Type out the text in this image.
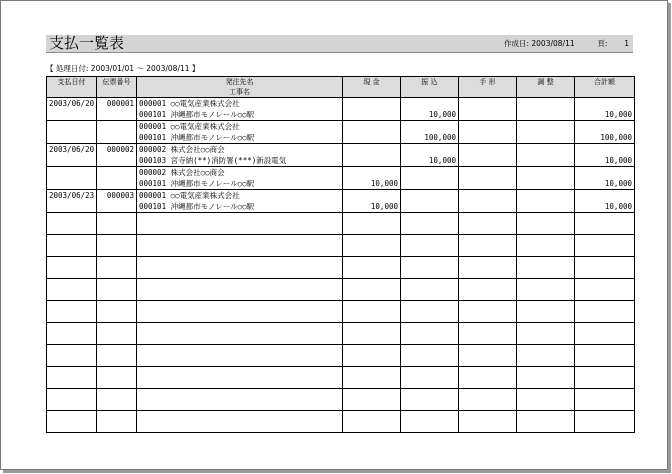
支払一覧表	作成日: 2003/08/11	頁: 1
【 処理日付: 2003/01/01 ～ 2003/08/11 】
支払日付	伝票番号	発注先名
工事名	現 金	振 込	手 形	調 整	合計額

2003/06/20	000001	000001 ○○電気産業株式会社
000101 沖縄都市モノレール○○駅		10,000			10,000

		000001 ○○電気産業株式会社
000101 沖縄都市モノレール○○駅		100,000			100,000

2003/06/20	000002	000002 株式会社○○商会
000103 宮寺納(**)消防署(***)新設電気		10,000			10,000

		000002 株式会社○○商会
000101 沖縄都市モノレール○○駅	10,000				10,000

2003/06/23	000003	000001 ○○電気産業株式会社
000101 沖縄都市モノレール○○駅	10,000				10,000
